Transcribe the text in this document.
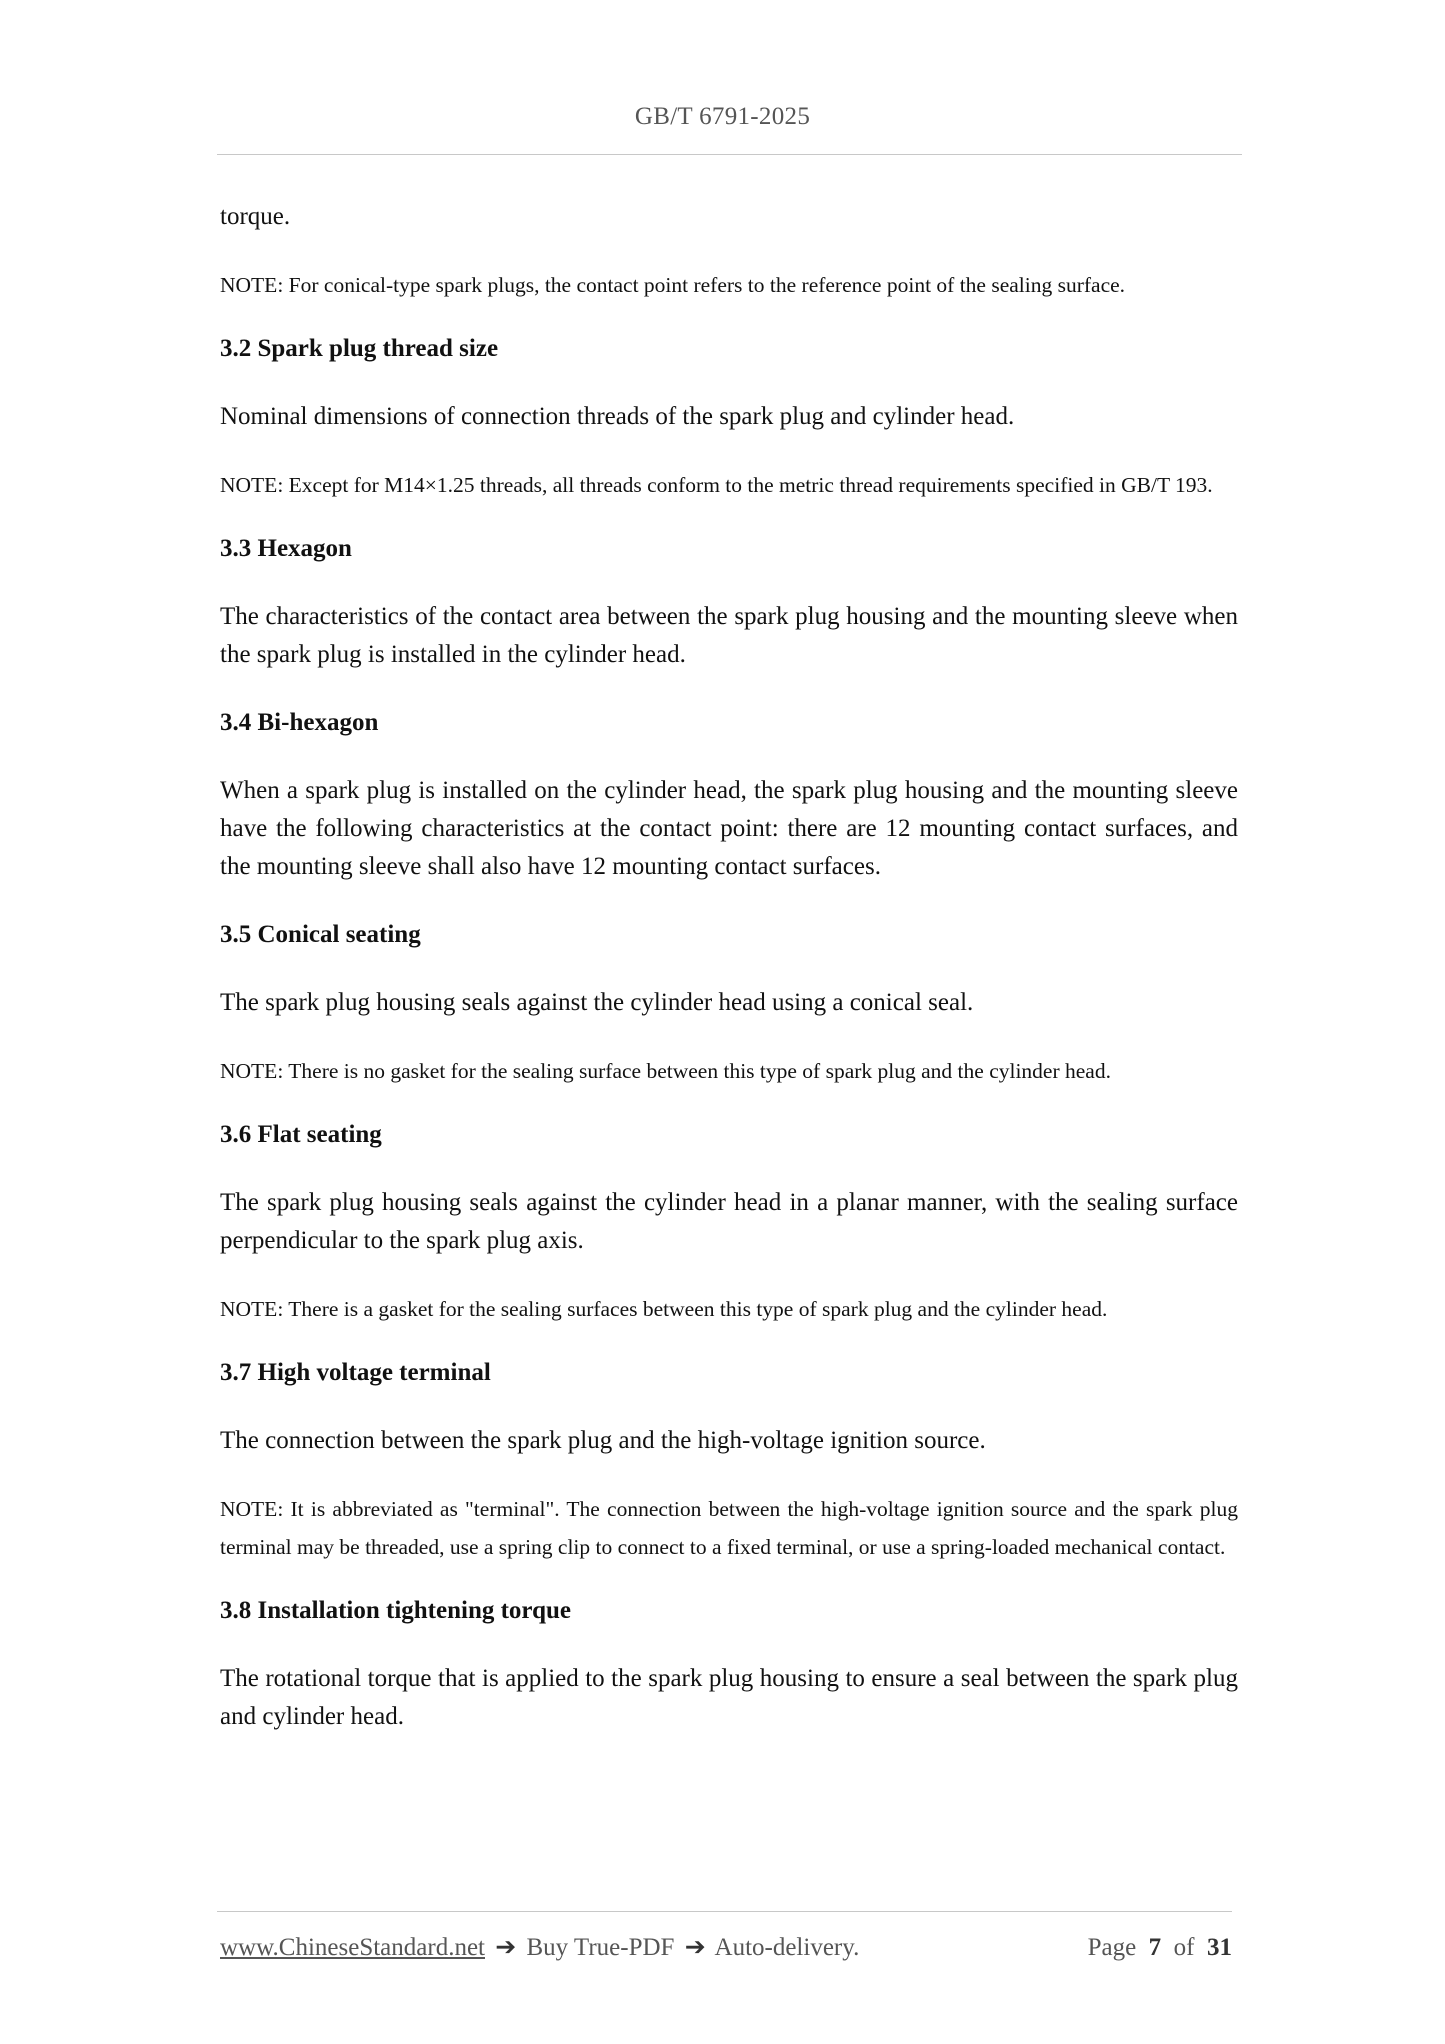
GB/T 6791-2025

torque.

NOTE: For conical-type spark plugs, the contact point refers to the reference point of the sealing surface.

3.2 Spark plug thread size

Nominal dimensions of connection threads of the spark plug and cylinder head.

NOTE: Except for M14×1.25 threads, all threads conform to the metric thread requirements specified in GB/T 193.

3.3 Hexagon

The characteristics of the contact area between the spark plug housing and the mounting sleeve when the spark plug is installed in the cylinder head.

3.4 Bi-hexagon

When a spark plug is installed on the cylinder head, the spark plug housing and the mounting sleeve have the following characteristics at the contact point: there are 12 mounting contact surfaces, and the mounting sleeve shall also have 12 mounting contact surfaces.

3.5 Conical seating

The spark plug housing seals against the cylinder head using a conical seal.

NOTE: There is no gasket for the sealing surface between this type of spark plug and the cylinder head.

3.6 Flat seating

The spark plug housing seals against the cylinder head in a planar manner, with the sealing surface perpendicular to the spark plug axis.

NOTE: There is a gasket for the sealing surfaces between this type of spark plug and the cylinder head.

3.7 High voltage terminal

The connection between the spark plug and the high-voltage ignition source.

NOTE: It is abbreviated as "terminal". The connection between the high-voltage ignition source and the spark plug terminal may be threaded, use a spring clip to connect to a fixed terminal, or use a spring-loaded mechanical contact.

3.8 Installation tightening torque

The rotational torque that is applied to the spark plug housing to ensure a seal between the spark plug and cylinder head.

www.ChineseStandard.net ➔ Buy True-PDF ➔ Auto-delivery.	Page 7 of 31
